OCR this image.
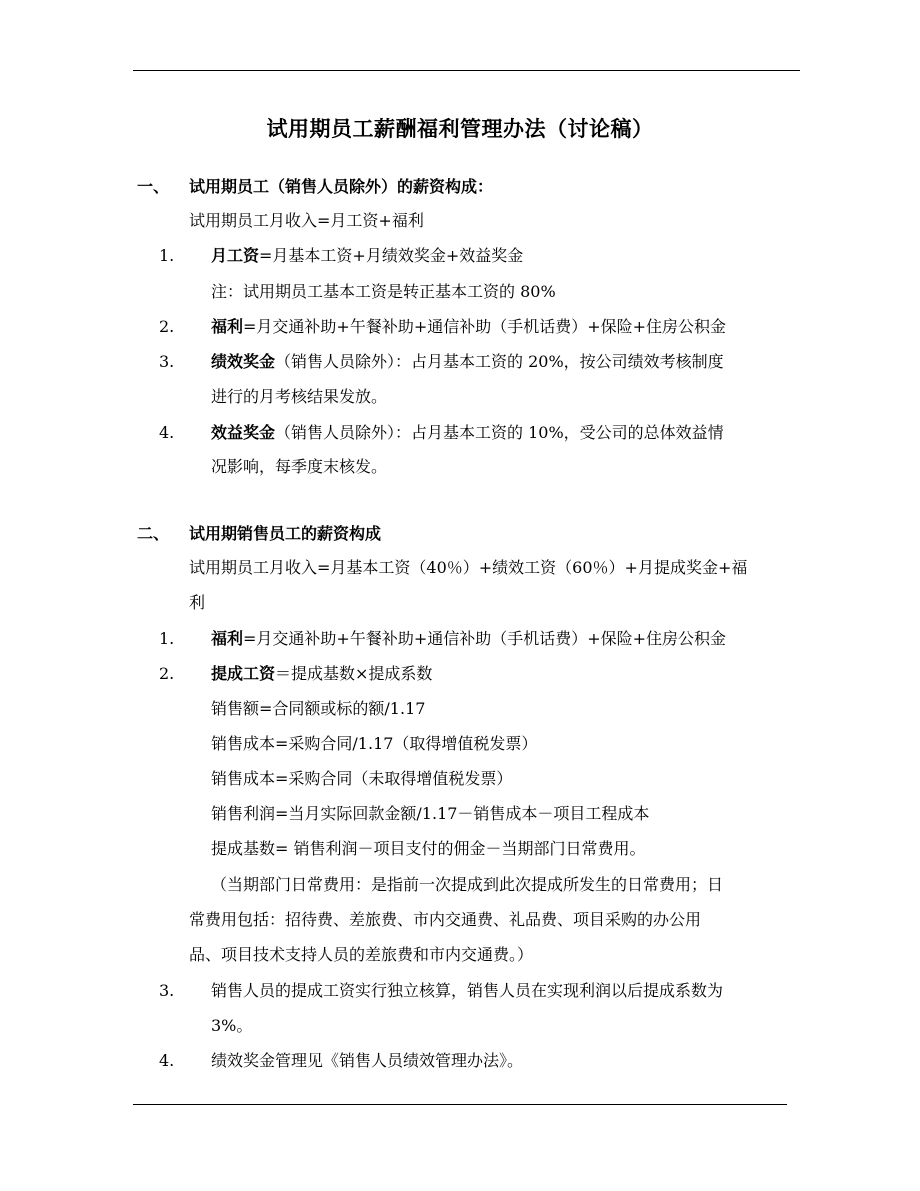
试用期员工薪酬福利管理办法（讨论稿）
一、 试用期员工（销售人员除外）的薪资构成：
试用期员工月收入=月工资+福利
1. 月工资=月基本工资+月绩效奖金+效益奖金
注：试用期员工基本工资是转正基本工资的 80%
2. 福利=月交通补助+午餐补助+通信补助（手机话费）+保险+住房公积金
3. 绩效奖金（销售人员除外）：占月基本工资的 20%，按公司绩效考核制度
进行的月考核结果发放。
4. 效益奖金（销售人员除外）：占月基本工资的 10%，受公司的总体效益情
况影响，每季度末核发。
二、 试用期销售员工的薪资构成
试用期员工月收入=月基本工资（40％）+绩效工资（60％）+月提成奖金+福
利
1. 福利=月交通补助+午餐补助+通信补助（手机话费）+保险+住房公积金
2. 提成工资＝提成基数×提成系数
销售额=合同额或标的额/1.17
销售成本=采购合同/1.17（取得增值税发票）
销售成本=采购合同（未取得增值税发票）
销售利润=当月实际回款金额/1.17－销售成本－项目工程成本
提成基数= 销售利润－项目支付的佣金－当期部门日常费用。
（当期部门日常费用：是指前一次提成到此次提成所发生的日常费用；日
常费用包括：招待费、差旅费、市内交通费、礼品费、项目采购的办公用
品、项目技术支持人员的差旅费和市内交通费。）
3. 销售人员的提成工资实行独立核算，销售人员在实现利润以后提成系数为
3%。
4. 绩效奖金管理见《销售人员绩效管理办法》。
